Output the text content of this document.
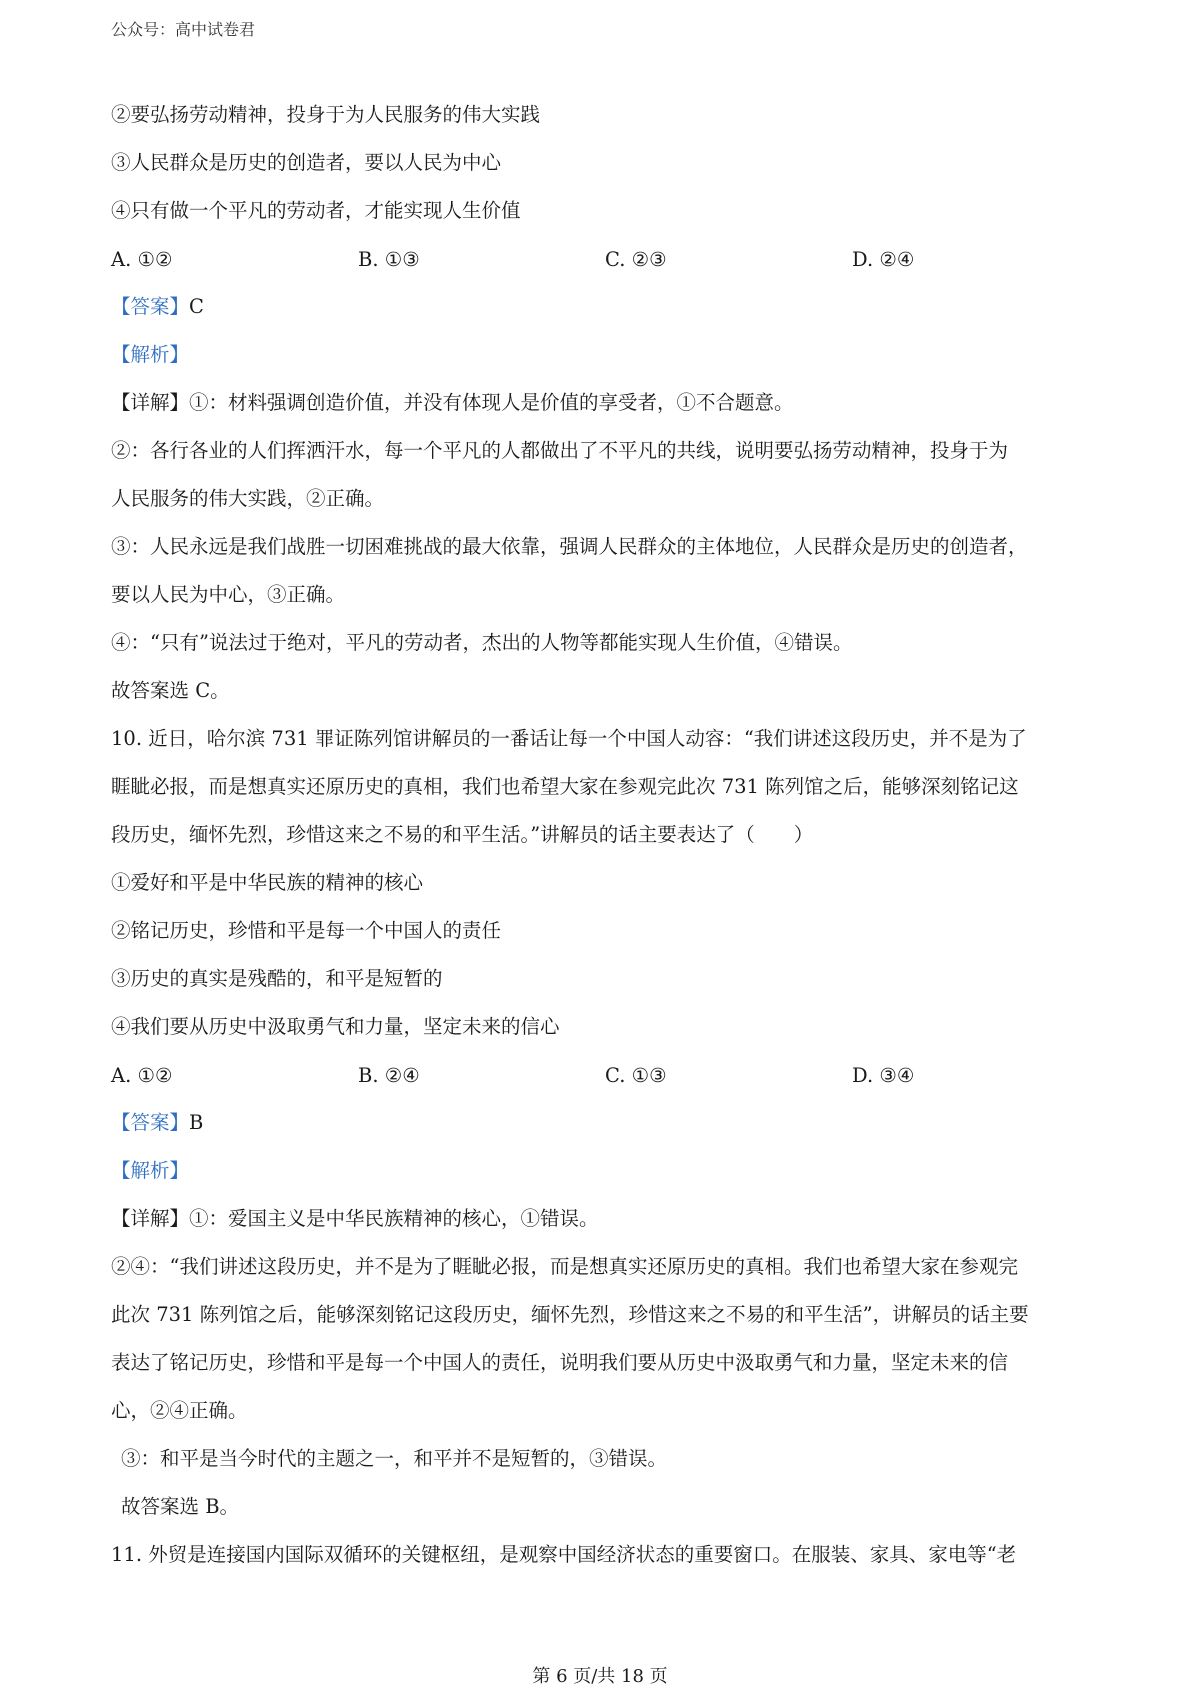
公众号：高中试卷君
②要弘扬劳动精神，投身于为人民服务的伟大实践
③人民群众是历史的创造者，要以人民为中心
④只有做一个平凡的劳动者，才能实现人生价值
A. ①②	B. ①③	C. ②③	D. ②④
【答案】C
【解析】
【详解】①：材料强调创造价值，并没有体现人是价值的享受者，①不合题意。
②：各行各业的人们挥洒汗水，每一个平凡的人都做出了不平凡的共线，说明要弘扬劳动精神，投身于为
人民服务的伟大实践，②正确。
③：人民永远是我们战胜一切困难挑战的最大依靠，强调人民群众的主体地位，人民群众是历史的创造者，
要以人民为中心，③正确。
④：“只有”说法过于绝对，平凡的劳动者，杰出的人物等都能实现人生价值，④错误。
故答案选 C。
10. 近日，哈尔滨 731 罪证陈列馆讲解员的一番话让每一个中国人动容：“我们讲述这段历史，并不是为了
睚眦必报，而是想真实还原历史的真相，我们也希望大家在参观完此次 731 陈列馆之后，能够深刻铭记这
段历史，缅怀先烈，珍惜这来之不易的和平生活。”讲解员的话主要表达了（　　）
①爱好和平是中华民族的精神的核心
②铭记历史，珍惜和平是每一个中国人的责任
③历史的真实是残酷的，和平是短暂的
④我们要从历史中汲取勇气和力量，坚定未来的信心
A. ①②	B. ②④	C. ①③	D. ③④
【答案】B
【解析】
【详解】①：爱国主义是中华民族精神的核心，①错误。
②④：“我们讲述这段历史，并不是为了睚眦必报，而是想真实还原历史的真相。我们也希望大家在参观完
此次 731 陈列馆之后，能够深刻铭记这段历史，缅怀先烈，珍惜这来之不易的和平生活”，讲解员的话主要
表达了铭记历史，珍惜和平是每一个中国人的责任，说明我们要从历史中汲取勇气和力量，坚定未来的信
心，②④正确。
③：和平是当今时代的主题之一，和平并不是短暂的，③错误。
故答案选 B。
11. 外贸是连接国内国际双循环的关键枢纽，是观察中国经济状态的重要窗口。在服装、家具、家电等“老
第 6 页/共 18 页
